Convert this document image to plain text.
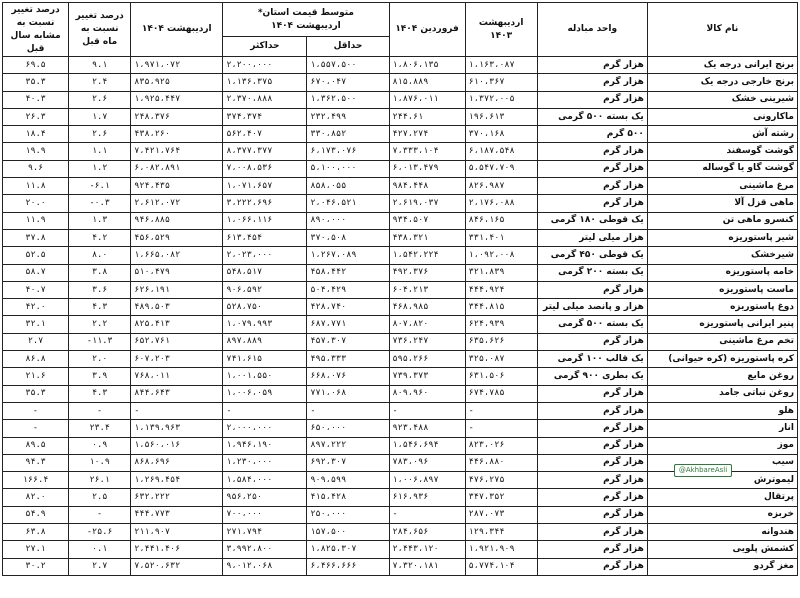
نام کالا	واحد مبادله	اردیبهشت ۱۴۰۳	فروردین ۱۴۰۴	متوسط قیمت استان*
اردیبهشت ۱۴۰۴		اردیبهشت ۱۴۰۴	درصد تغییر نسبت به ماه قبل	درصد تغییر نسبت به مشابه سال قبل
				حداقل	حداکثر			
برنج ایرانی درجه یک	هزار گرم	۱،۱۶۳،۰۸۷	۱،۸۰۶،۱۳۵	۱،۵۵۷،۵۰۰	۲،۲۰۰،۰۰۰	۱،۹۷۱،۰۷۲	۹.۱	۶۹.۵
برنج خارجی درجه یک	هزار گرم	۶۱۰،۳۶۷	۸۱۵،۸۸۹	۶۷۰،۰۴۷	۱،۱۳۶،۳۷۵	۸۳۵،۹۲۵	۲.۴	۳۵.۳
شیرینی خشک	هزار گرم	۱،۳۷۲،۰۰۵	۱،۸۷۶،۰۱۱	۱،۳۶۲،۵۰۰	۲،۳۷۰،۸۸۸	۱،۹۲۵،۴۴۷	۲.۶	۴۰.۳
ماکارونی	یک بسته ۵۰۰ گرمی	۱۹۶،۶۱۳	۲۴۴،۶۱	۲۳۲،۴۹۹	۳۷۴،۳۷۴	۲۴۸،۳۷۶	۱.۷	۲۶.۳
رشته آش	۵۰۰ گرم	۳۷۰،۱۶۸	۴۲۷،۲۷۴	۳۳۰،۸۵۲	۵۶۲،۴۰۷	۴۳۸،۲۶۰	۲.۶	۱۸.۴
گوشت گوسفند	هزار گرم	۶،۱۸۷،۵۴۸	۷،۳۳۳،۱۰۴	۶،۱۷۳،۰۷۶	۸،۳۷۷،۳۷۷	۷،۴۲۱،۷۶۴	۱.۱	۱۹.۹
گوشت گاو یا گوساله	هزار گرم	۵،۵۴۷،۷۰۹	۶،۰۱۳،۴۷۹	۵،۱۰۰،۰۰۰	۷،۰۰۸،۵۳۶	۶،۰۸۲،۸۹۱	۱.۲	۹.۶
مرغ ماشینی	هزار گرم	۸۲۶،۹۸۷	۹۸۴،۴۴۸	۸۵۸،۰۵۵	۱،۰۷۱،۶۵۷	۹۲۴،۴۳۵	-۶.۱	۱۱.۸
ماهی قزل آلا	هزار گرم	۲،۱۷۶،۰۸۸	۲،۶۱۹،۰۳۷	۲،۰۴۶،۵۲۱	۳،۲۲۲،۶۹۶	۲،۶۱۲،۰۷۲	-۰.۳	۲۰.۰
کنسرو ماهی تن	یک قوطی ۱۸۰ گرمی	۸۴۶،۱۶۵	۹۳۴،۵۰۷	۸۹۰،۰۰۰	۱،۰۶۶،۱۱۶	۹۴۶،۸۸۵	۱.۳	۱۱.۹
شیر پاستوریزه	هزار میلی لیتر	۳۳۱،۴۰۱	۴۳۸،۳۲۱	۳۷۰،۵۰۸	۶۱۳،۴۵۴	۴۵۶،۵۲۹	۴.۲	۳۷.۸
شیرخشک	یک قوطی ۴۵۰ گرمی	۱،۰۹۲،۰۰۸	۱،۵۴۲،۲۲۴	۱،۲۶۷،۰۸۹	۲،۰۲۳،۰۰۰	۱،۶۶۵،۰۸۲	۸.۰	۵۲.۵
خامه پاستوریزه	یک بسته ۲۰۰ گرمی	۳۲۱،۸۳۹	۴۹۲،۳۷۶	۴۵۸،۴۴۲	۵۴۸،۵۱۷	۵۱۰،۴۷۹	۳.۸	۵۸.۷
ماست پاستوریزه	هزار گرم	۴۴۴،۹۲۴	۶۰۴،۲۱۳	۵۰۴،۴۲۹	۹۰۶،۵۹۲	۶۲۶،۱۹۱	۳.۶	۴۰.۷
دوغ پاستوریزه	هزار و پانصد میلی لیتر	۳۴۴،۸۱۵	۴۶۸،۹۸۵	۴۲۸،۷۴۰	۵۲۸،۷۵۰	۴۸۹،۵۰۳	۴.۳	۴۲.۰
پنیر ایرانی پاستوریزه	یک بسته ۵۰۰ گرمی	۶۲۴،۹۳۹	۸۰۷،۸۲۰	۶۸۷،۷۷۱	۱،۰۷۹،۹۹۳	۸۲۵،۴۱۳	۲.۲	۳۲.۱
تخم مرغ ماشینی	هزار گرم	۶۳۵،۶۲۶	۷۳۶،۲۴۷	۴۵۷،۳۰۷	۸۹۷،۸۸۹	۶۵۲،۷۶۱	-۱۱.۳	۲.۷
کره پاستوریزه (کره حیوانی)	یک قالب ۱۰۰ گرمی	۳۲۵،۰۸۷	۵۹۵،۲۶۶	۴۹۵،۳۳۳	۷۴۱،۶۱۵	۶۰۷،۲۰۳	۲.۰	۸۶.۸
روغن مایع	یک بطری ۹۰۰ گرمی	۶۳۱،۵۰۶	۷۳۹،۳۷۳	۶۶۸،۰۷۶	۱،۰۰۱،۵۵۰	۷۶۸،۰۱۱	۳.۹	۲۱.۶
روغن نباتی جامد	هزار گرم	۶۷۴،۷۸۵	۸۰۹،۹۶۰	۷۷۱،۰۶۸	۱،۰۰۶،۰۵۹	۸۴۴،۶۴۳	۴.۳	۳۵.۳
هلو	هزار گرم	-	-	-	-	-	-	-
انار	هزار گرم	-	۹۲۳،۴۸۸	۶۵۰،۰۰۰	۲،۰۰۰،۰۰۰	۱،۱۳۹،۹۶۳	۲۳.۴	-
موز	هزار گرم	۸۲۳،۰۲۶	۱،۵۴۶،۶۹۴	۸۹۷،۲۲۲	۱،۹۴۶،۱۹۰	۱،۵۶۰،۰۱۶	۰.۹	۸۹.۵
سیب	هزار گرم	۴۴۶،۸۸۰	۷۸۳،۰۹۶	۶۹۲،۳۰۷	۱،۲۳۰،۰۰۰	۸۶۸،۶۹۶	۱۰.۹	۹۴.۳
لیموترش	هزار گرم	۴۷۶،۲۷۵	۱،۰۰۶،۸۹۷	۹۰۹،۵۹۹	۱،۵۸۴،۰۰۰	۱،۲۶۹،۴۵۴	۲۶.۱	۱۶۶.۴
پرتقال	هزار گرم	۳۴۷،۳۵۲	۶۱۶،۹۳۶	۴۱۵،۴۲۸	۹۵۶،۲۵۰	۶۳۲،۲۲۲	۲.۵	۸۲.۰
خربزه	هزار گرم	۲۸۷،۰۷۳	-	۲۵۰،۰۰۰	۷۰۰،۰۰۰	۴۴۴،۷۷۳	-	۵۴.۹
هندوانه	هزار گرم	۱۲۹،۳۴۴	۲۸۴،۶۵۶	۱۵۷،۵۰۰	۲۷۱،۷۹۴	۲۱۱،۹۰۷	-۲۵.۶	۶۳.۸
کشمش پلویی	هزار گرم	۱،۹۲۱،۹۰۹	۲،۴۴۳،۱۲۰	۱،۸۲۵،۳۰۷	۳،۹۹۲،۸۰۰	۲،۴۴۱،۴۰۶	۰.۱	۲۷.۱
مغز گردو	هزار گرم	۵،۷۷۴،۱۰۴	۷،۳۲۰،۱۸۱	۶،۴۶۶،۶۶۶	۹،۰۱۲،۰۶۸	۷،۵۲۰،۶۳۲	۲.۷	۳۰.۲
@AkhbareAsli
